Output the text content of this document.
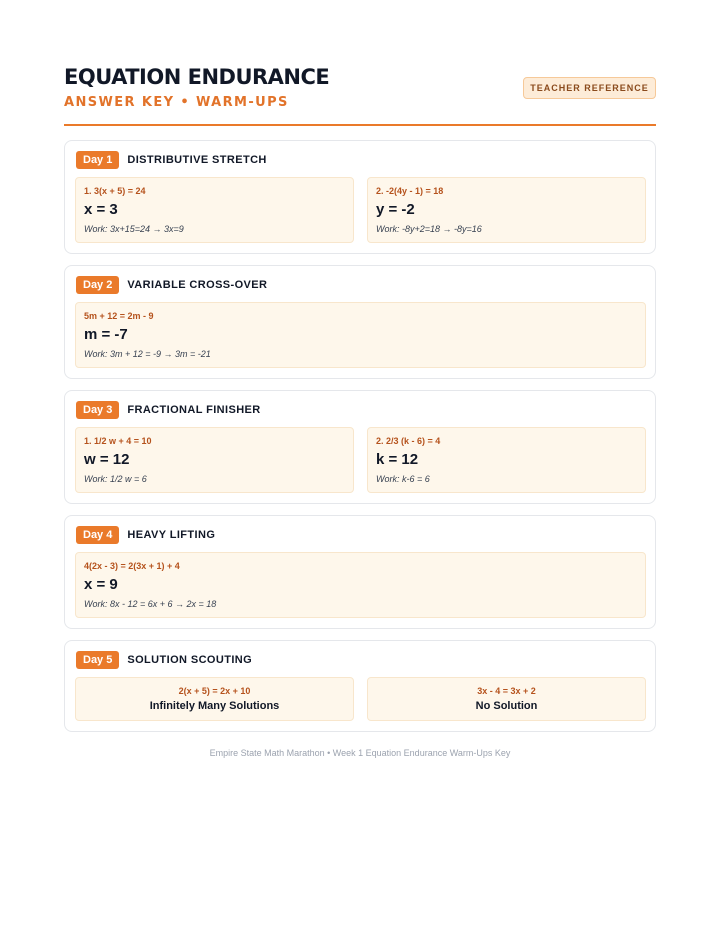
EQUATION ENDURANCE
ANSWER KEY • WARM-UPS
TEACHER REFERENCE
Day 1	DISTRIBUTIVE STRETCH
1. 3(x + 5) = 24
x = 3
Work: 3x+15=24 → 3x=9
2. -2(4y - 1) = 18
y = -2
Work: -8y+2=18 → -8y=16
Day 2	VARIABLE CROSS-OVER
5m + 12 = 2m - 9
m = -7
Work: 3m + 12 = -9 → 3m = -21
Day 3	FRACTIONAL FINISHER
1. 1/2 w + 4 = 10
w = 12
Work: 1/2 w = 6
2. 2/3 (k - 6) = 4
k = 12
Work: k-6 = 6
Day 4	HEAVY LIFTING
4(2x - 3) = 2(3x + 1) + 4
x = 9
Work: 8x - 12 = 6x + 6 → 2x = 18
Day 5	SOLUTION SCOUTING
2(x + 5) = 2x + 10
Infinitely Many Solutions
3x - 4 = 3x + 2
No Solution
Empire State Math Marathon • Week 1 Equation Endurance Warm-Ups Key
